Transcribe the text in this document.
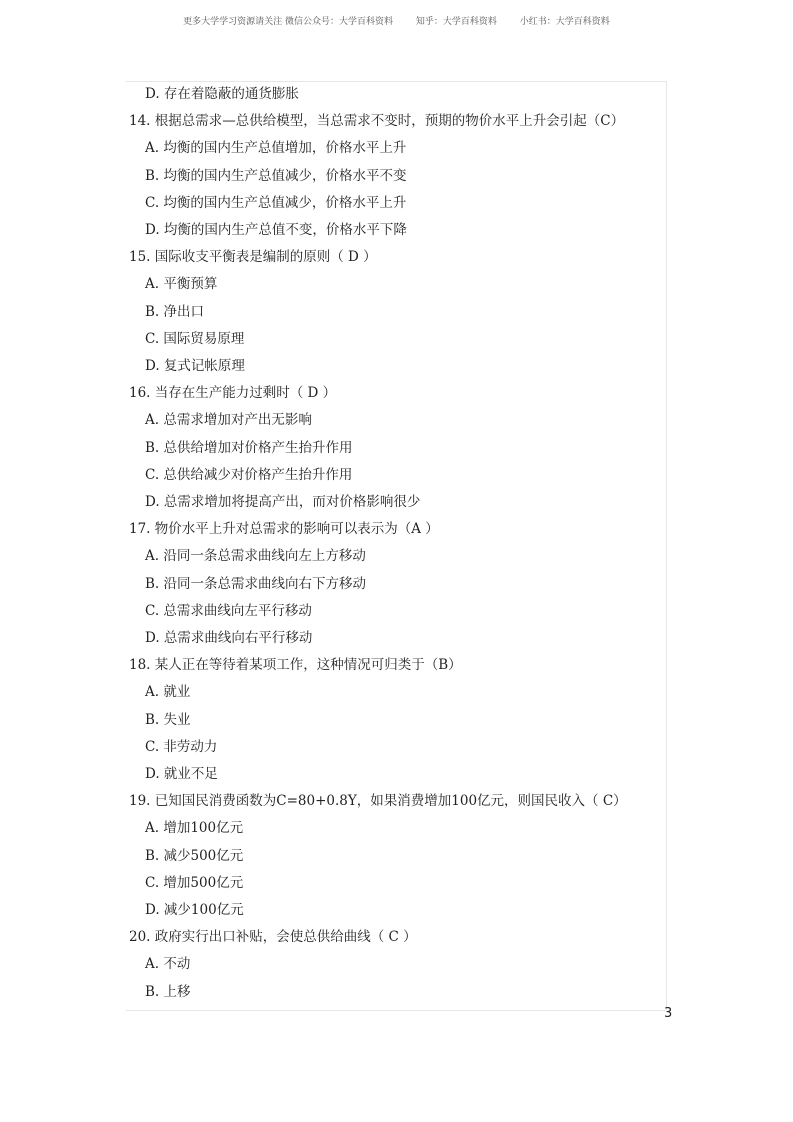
更多大学学习资源请关注 微信公众号：大学百科资料        知乎：大学百科资料        小红书：大学百科资料
D. 存在着隐蔽的通货膨胀
14. 根据总需求—总供给模型，当总需求不变时，预期的物价水平上升会引起（C）
A. 均衡的国内生产总值增加，价格水平上升
B. 均衡的国内生产总值减少，价格水平不变
C. 均衡的国内生产总值减少，价格水平上升
D. 均衡的国内生产总值不变，价格水平下降
15. 国际收支平衡表是编制的原则（ D ）
A. 平衡预算
B. 净出口
C. 国际贸易原理
D. 复式记帐原理
16. 当存在生产能力过剩时（ D ）
A. 总需求增加对产出无影响
B. 总供给增加对价格产生抬升作用
C. 总供给减少对价格产生抬升作用
D. 总需求增加将提高产出，而对价格影响很少
17. 物价水平上升对总需求的影响可以表示为（A ）
A. 沿同一条总需求曲线向左上方移动
B. 沿同一条总需求曲线向右下方移动
C. 总需求曲线向左平行移动
D. 总需求曲线向右平行移动
18. 某人正在等待着某项工作，这种情况可归类于（B）
A. 就业
B. 失业
C. 非劳动力
D. 就业不足
19. 已知国民消费函数为C=80+0.8Y，如果消费增加100亿元，则国民收入（ C）
A. 增加100亿元
B. 减少500亿元
C. 增加500亿元
D. 减少100亿元
20. 政府实行出口补贴，会使总供给曲线（ C ）
A. 不动
B. 上移
3
